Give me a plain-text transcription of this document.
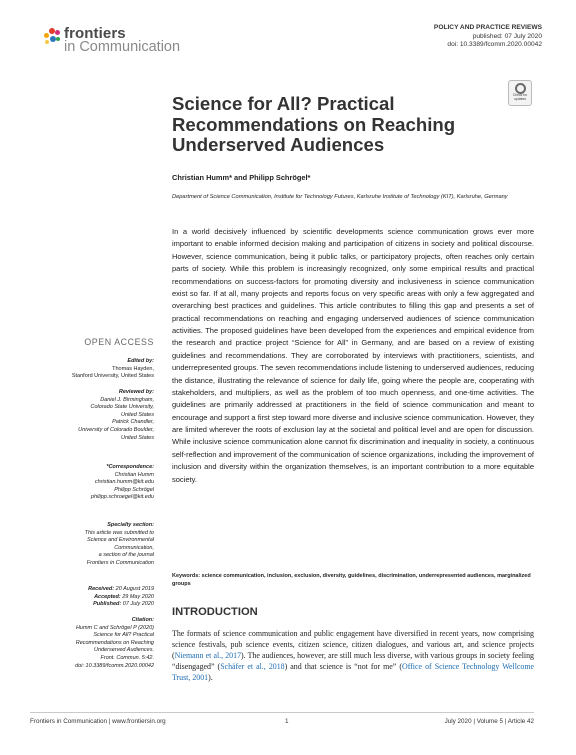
frontiers
in Communication
POLICY AND PRACTICE REVIEWS
published: 07 July 2020
doi: 10.3389/fcomm.2020.00042
Check for
updates
Science for All? Practical Recommendations on Reaching Underserved Audiences
Christian Humm* and Philipp Schrögel*
Department of Science Communication, Institute for Technology Futures, Karlsruhe Institute of Technology (KIT), Karlsruhe, Germany
In a world decisively influenced by scientific developments science communication grows ever more important to enable informed decision making and participation of citizens in society and political discourse. However, science communication, being it public talks, or participatory projects, often reaches only certain parts of society. While this problem is increasingly recognized, only some empirical results and practical recommendations on success-factors for promoting diversity and inclusiveness in science communication exist so far. If at all, many projects and reports focus on very specific areas with only a few aggregated and overarching best practices and guidelines. This article contributes to filling this gap and presents a set of practical recommendations on reaching and engaging underserved audiences of science communication activities. The proposed guidelines have been developed from the experiences and empirical evidence from the research and practice project “Science for All” in Germany, and are based on a review of existing guidelines and recommendations. They are corroborated by interviews with practitioners, scientists, and underrepresented groups. The seven recommendations include listening to underserved audiences, reducing the distance, illustrating the relevance of science for daily life, going where the people are, cooperating with stakeholders, and multipliers, as well as the problem of too much openness, and one-time activities. The guidelines are primarily addressed at practitioners in the field of science communication and meant to encourage and support a first step toward more diverse and inclusive science communication. However, they are limited wherever the roots of exclusion lay at the societal and political level and are open for discussion. While inclusive science communication alone cannot fix discrimination and inequality in society, a continuous self-reflection and improvement of the communication of science organizations, including the improvement of inclusion and diversity within the organization themselves, is an important contribution to a more equitable society.
Keywords: science communication, inclusion, exclusion, diversity, guidelines, discrimination, underrepresented audiences, marginalized groups
INTRODUCTION
The formats of science communication and public engagement have diversified in recent years, now comprising science festivals, pub science events, citizen science, citizen dialogues, and various art, and science projects (Niemann et al., 2017). The audiences, however, are still much less diverse, with various groups in society feeling “disengaged” (Schäfer et al., 2018) and that science is “not for me” (Office of Science Technology Wellcome Trust, 2001).
OPEN ACCESS
Edited by:
Thomas Hayden,
Stanford University, United States
Reviewed by:
Daniel J. Birmingham,
Colorado State University,
United States
Patrick Chandler,
University of Colorado Boulder,
United States
*Correspondence:
Christian Humm
christian.humm@kit.edu
Philipp Schrögel
philipp.schroegel@kit.edu
Specialty section:
This article was submitted to
Science and Environmental
Communication,
a section of the journal
Frontiers in Communication
Received: 20 August 2019
Accepted: 29 May 2020
Published: 07 July 2020
Citation:
Humm C and Schrögel P (2020)
Science for All? Practical
Recommendations on Reaching
Underserved Audiences.
Front. Commun. 5:42.
doi: 10.3389/fcomm.2020.00042
Frontiers in Communication | www.frontiersin.org	1	July 2020 | Volume 5 | Article 42
